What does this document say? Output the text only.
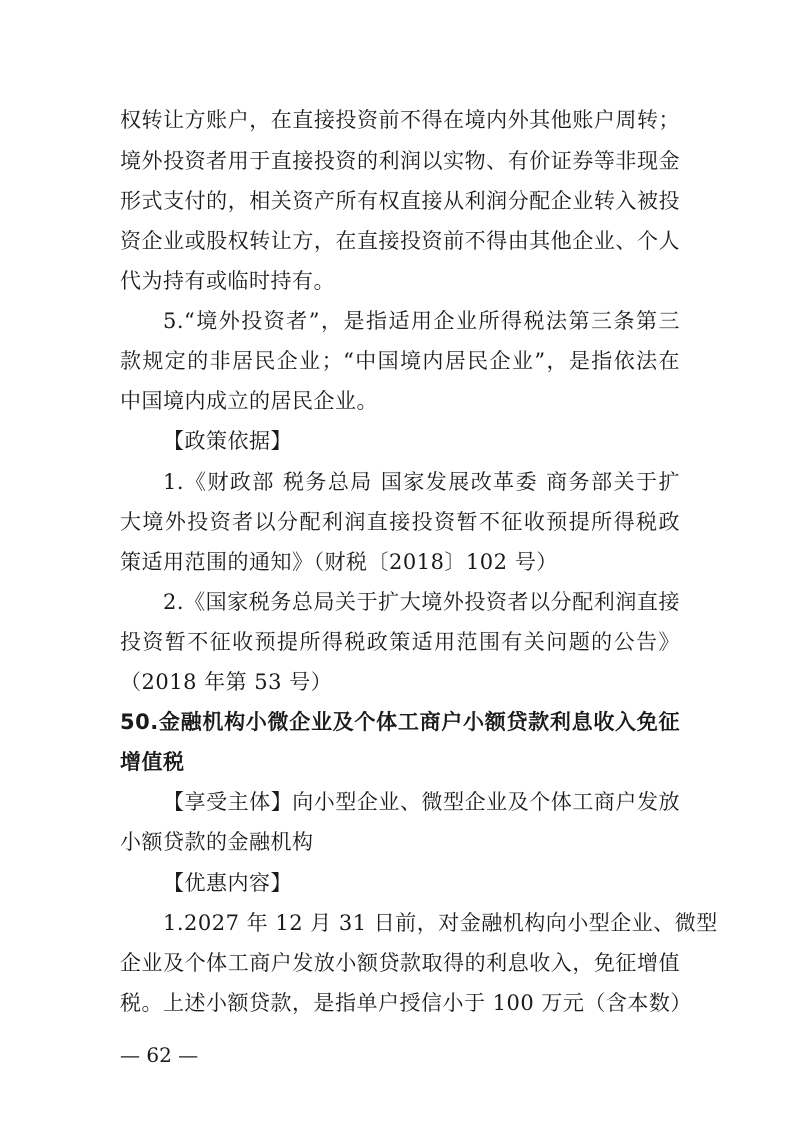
权转让方账户，在直接投资前不得在境内外其他账户周转；
境外投资者用于直接投资的利润以实物、有价证券等非现金
形式支付的，相关资产所有权直接从利润分配企业转入被投
资企业或股权转让方，在直接投资前不得由其他企业、个人
代为持有或临时持有。
5.“境外投资者”，是指适用企业所得税法第三条第三
款规定的非居民企业；“中国境内居民企业”，是指依法在
中国境内成立的居民企业。
【政策依据】
1.《财政部 税务总局 国家发展改革委 商务部关于扩
大境外投资者以分配利润直接投资暂不征收预提所得税政
策适用范围的通知》（财税〔2018〕102 号）
2.《国家税务总局关于扩大境外投资者以分配利润直接
投资暂不征收预提所得税政策适用范围有关问题的公告》
（2018 年第 53 号）
50.金融机构小微企业及个体工商户小额贷款利息收入免征
增值税
【享受主体】向小型企业、微型企业及个体工商户发放
小额贷款的金融机构
【优惠内容】
1.2027 年 12 月 31 日前，对金融机构向小型企业、微型
企业及个体工商户发放小额贷款取得的利息收入，免征增值
税。上述小额贷款，是指单户授信小于 100 万元（含本数）
— 62 —
